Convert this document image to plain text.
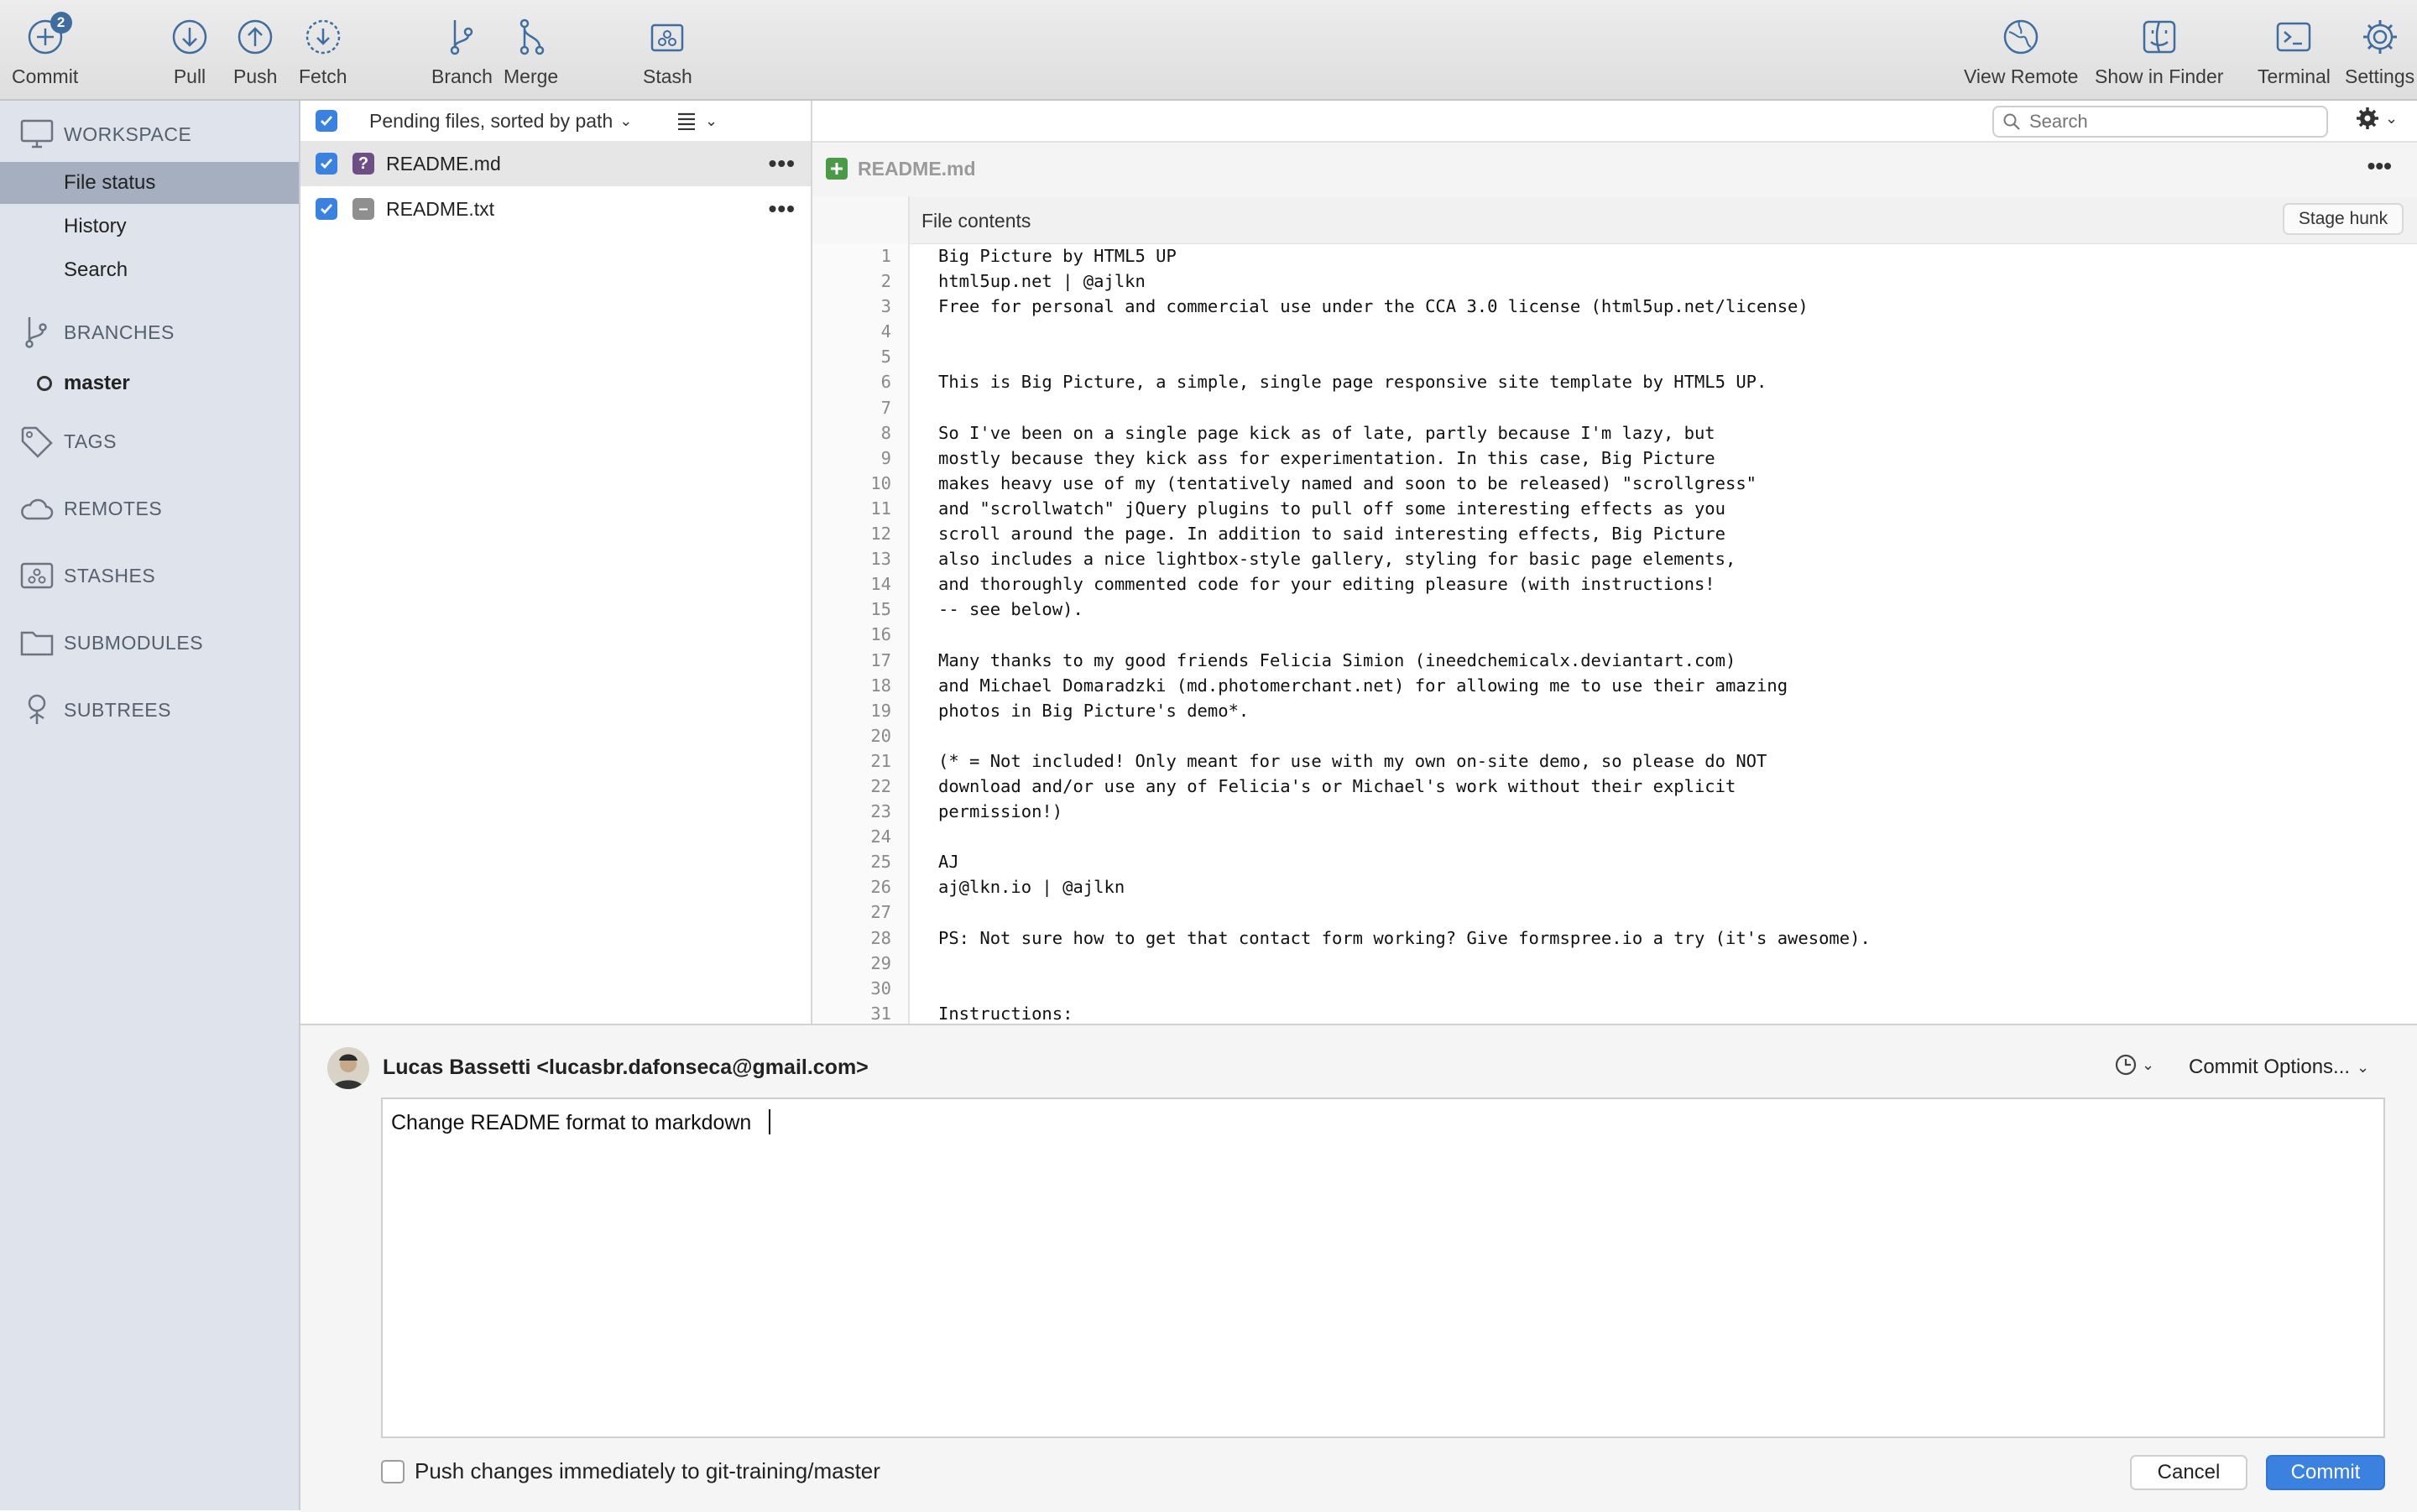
2
Commit	Pull Push Fetch	Branch Merge	Stash	View Remote Show in Finder Terminal Settings
WORKSPACE
File status
History
Search
BRANCHES
master
TAGS
REMOTES
STASHES
SUBMODULES
SUBTREES
Pending files, sorted by path ⌄	⌄
? README.md	•••
– README.txt	•••
Search
⌄
README.md	•••
File contents	Stage hunk
1	Big Picture by HTML5 UP
2	html5up.net | @ajlkn
3	Free for personal and commercial use under the CCA 3.0 license (html5up.net/license)
4
5
6	This is Big Picture, a simple, single page responsive site template by HTML5 UP.
7
8	So I've been on a single page kick as of late, partly because I'm lazy, but
9	mostly because they kick ass for experimentation. In this case, Big Picture
10	makes heavy use of my (tentatively named and soon to be released) "scrollgress"
11	and "scrollwatch" jQuery plugins to pull off some interesting effects as you
12	scroll around the page. In addition to said interesting effects, Big Picture
13	also includes a nice lightbox-style gallery, styling for basic page elements,
14	and thoroughly commented code for your editing pleasure (with instructions!
15	-- see below).
16
17	Many thanks to my good friends Felicia Simion (ineedchemicalx.deviantart.com)
18	and Michael Domaradzki (md.photomerchant.net) for allowing me to use their amazing
19	photos in Big Picture's demo*.
20
21	(* = Not included! Only meant for use with my own on-site demo, so please do NOT
22	download and/or use any of Felicia's or Michael's work without their explicit
23	permission!)
24
25	AJ
26	aj@lkn.io | @ajlkn
27
28	PS: Not sure how to get that contact form working? Give formspree.io a try (it's awesome).
29
30
31	Instructions:
Lucas Bassetti <lucasbr.dafonseca@gmail.com>	⌄ Commit Options... ⌄
Change README format to markdown
Push changes immediately to git-training/master	Cancel	Commit
